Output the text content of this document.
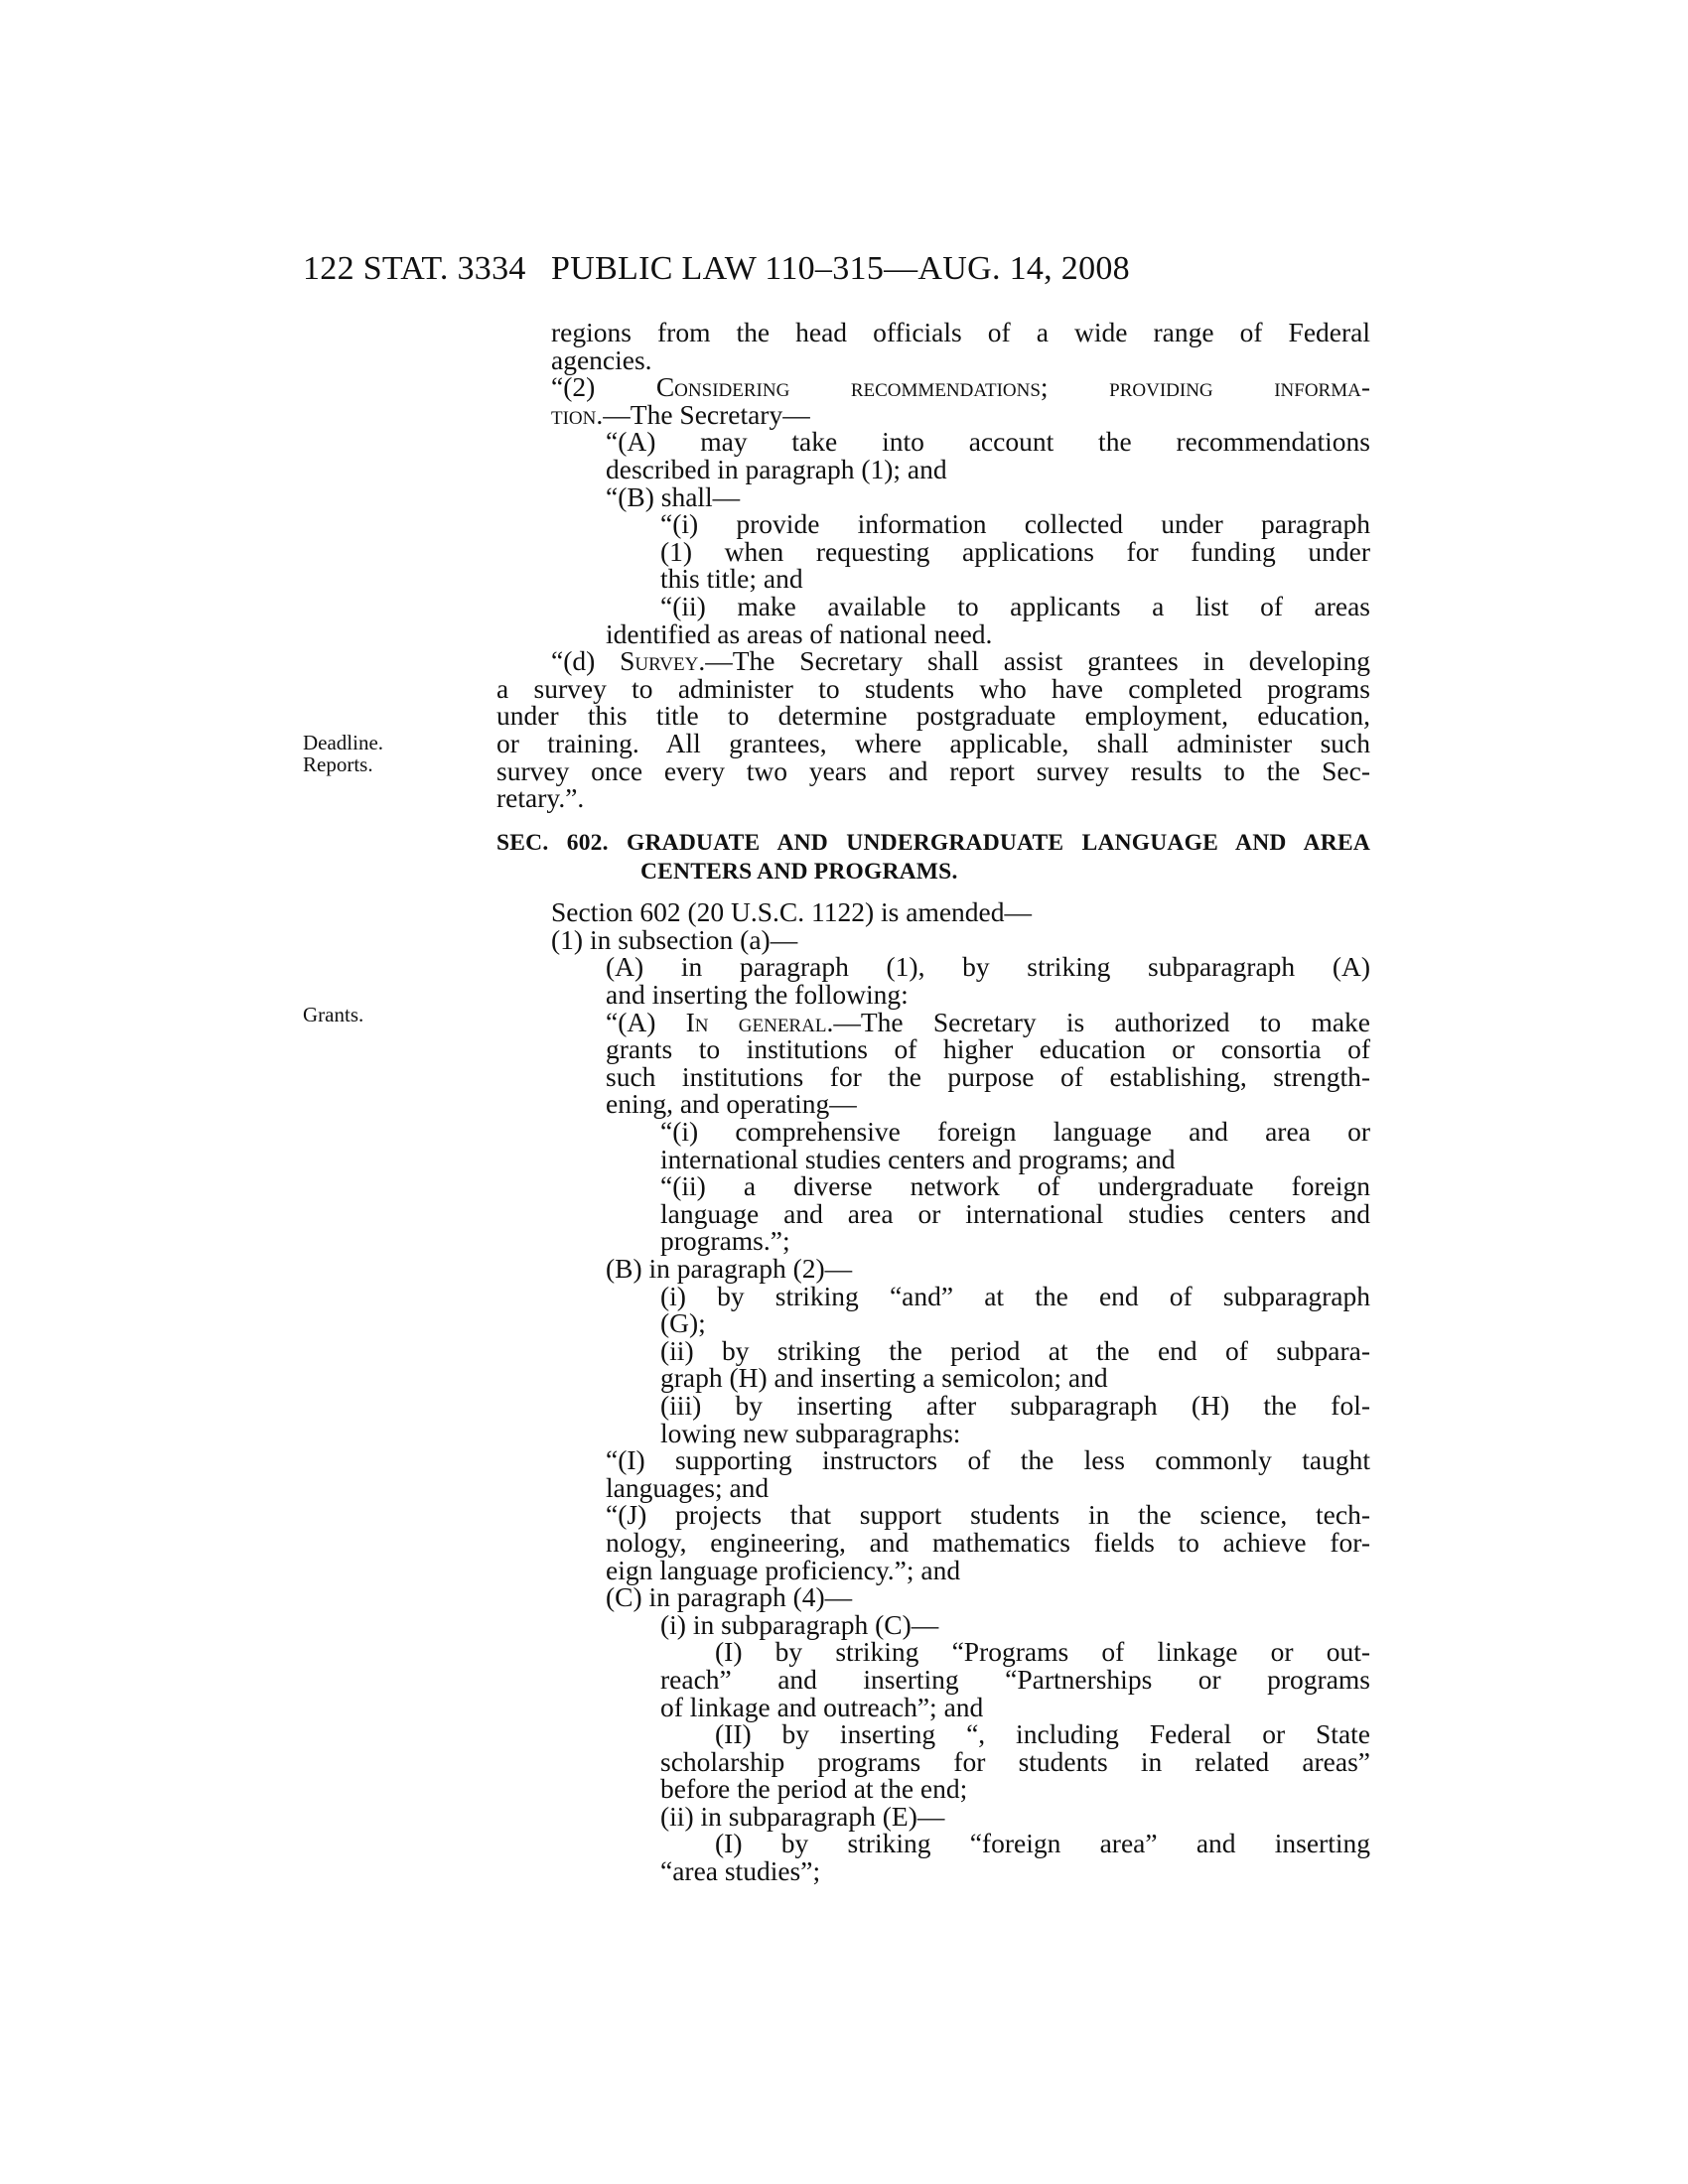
122 STAT. 3334 PUBLIC LAW 110–315—AUG. 14, 2008
Deadline.
Reports.
Grants.
regions from the head officials of a wide range of Federal
agencies.
“(2) Considering recommendations; providing informa-
tion.—The Secretary—
“(A) may take into account the recommendations
described in paragraph (1); and
“(B) shall—
“(i) provide information collected under paragraph
(1) when requesting applications for funding under
this title; and
“(ii) make available to applicants a list of areas
identified as areas of national need.
“(d) Survey.—The Secretary shall assist grantees in developing
a survey to administer to students who have completed programs
under this title to determine postgraduate employment, education,
or training. All grantees, where applicable, shall administer such
survey once every two years and report survey results to the Sec-
retary.”.
SEC. 602. GRADUATE AND UNDERGRADUATE LANGUAGE AND AREA
CENTERS AND PROGRAMS.
Section 602 (20 U.S.C. 1122) is amended—
(1) in subsection (a)—
(A) in paragraph (1), by striking subparagraph (A)
and inserting the following:
“(A) In general.—The Secretary is authorized to make
grants to institutions of higher education or consortia of
such institutions for the purpose of establishing, strength-
ening, and operating—
“(i) comprehensive foreign language and area or
international studies centers and programs; and
“(ii) a diverse network of undergraduate foreign
language and area or international studies centers and
programs.”;
(B) in paragraph (2)—
(i) by striking “and” at the end of subparagraph
(G);
(ii) by striking the period at the end of subpara-
graph (H) and inserting a semicolon; and
(iii) by inserting after subparagraph (H) the fol-
lowing new subparagraphs:
“(I) supporting instructors of the less commonly taught
languages; and
“(J) projects that support students in the science, tech-
nology, engineering, and mathematics fields to achieve for-
eign language proficiency.”; and
(C) in paragraph (4)—
(i) in subparagraph (C)—
(I) by striking “Programs of linkage or out-
reach” and inserting “Partnerships or programs
of linkage and outreach”; and
(II) by inserting “, including Federal or State
scholarship programs for students in related areas”
before the period at the end;
(ii) in subparagraph (E)—
(I) by striking “foreign area” and inserting
“area studies”;
